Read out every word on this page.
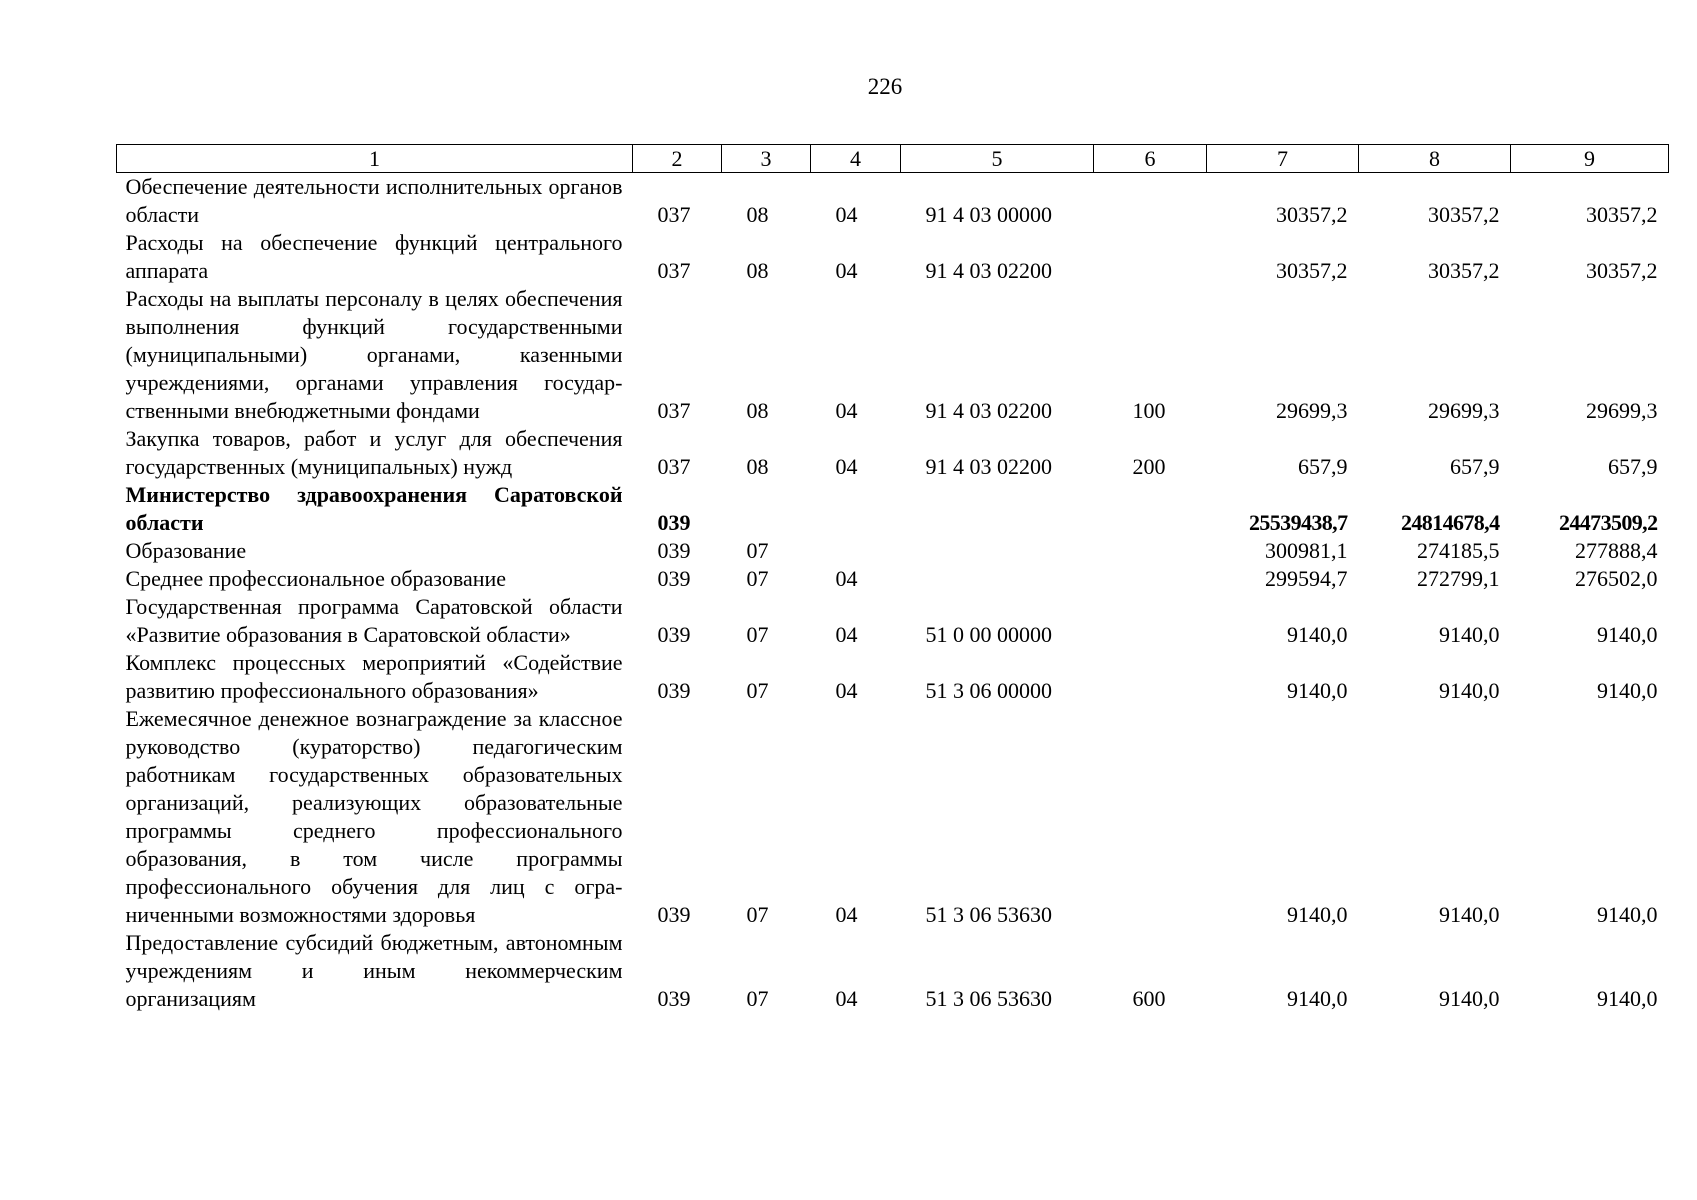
226
1	2	3	4	5	6	7	8	9
Обеспечение деятельности исполнительных органов области	037	08	04	91 4 03 00000		30357,2	30357,2	30357,2
Расходы на обеспечение функций центрального аппарата	037	08	04	91 4 03 02200		30357,2	30357,2	30357,2
Расходы на выплаты персоналу в целях обеспечения выполнения функций государственными (муниципальными) органами, казенными учреждениями, органами управления государственными внебюджетными фондами	037	08	04	91 4 03 02200	100	29699,3	29699,3	29699,3
Закупка товаров, работ и услуг для обеспечения государственных (муниципальных) нужд	037	08	04	91 4 03 02200	200	657,9	657,9	657,9
Министерство здравоохранения Саратовской области	039					25539438,7	24814678,4	24473509,2
Образование	039	07				300981,1	274185,5	277888,4
Среднее профессиональное образование	039	07	04			299594,7	272799,1	276502,0
Государственная программа Саратовской области «Развитие образования в Саратовской области»	039	07	04	51 0 00 00000		9140,0	9140,0	9140,0
Комплекс процессных мероприятий «Содействие развитию профессионального образования»	039	07	04	51 3 06 00000		9140,0	9140,0	9140,0
Ежемесячное денежное вознаграждение за классное руководство (кураторство) педагогическим работникам государственных образовательных организаций, реализующих образовательные программы среднего профессионального образования, в том числе программы профессионального обучения для лиц с ограниченными возможностями здоровья	039	07	04	51 3 06 53630		9140,0	9140,0	9140,0
Предоставление субсидий бюджетным, автономным учреждениям и иным некоммерческим организациям	039	07	04	51 3 06 53630	600	9140,0	9140,0	9140,0
